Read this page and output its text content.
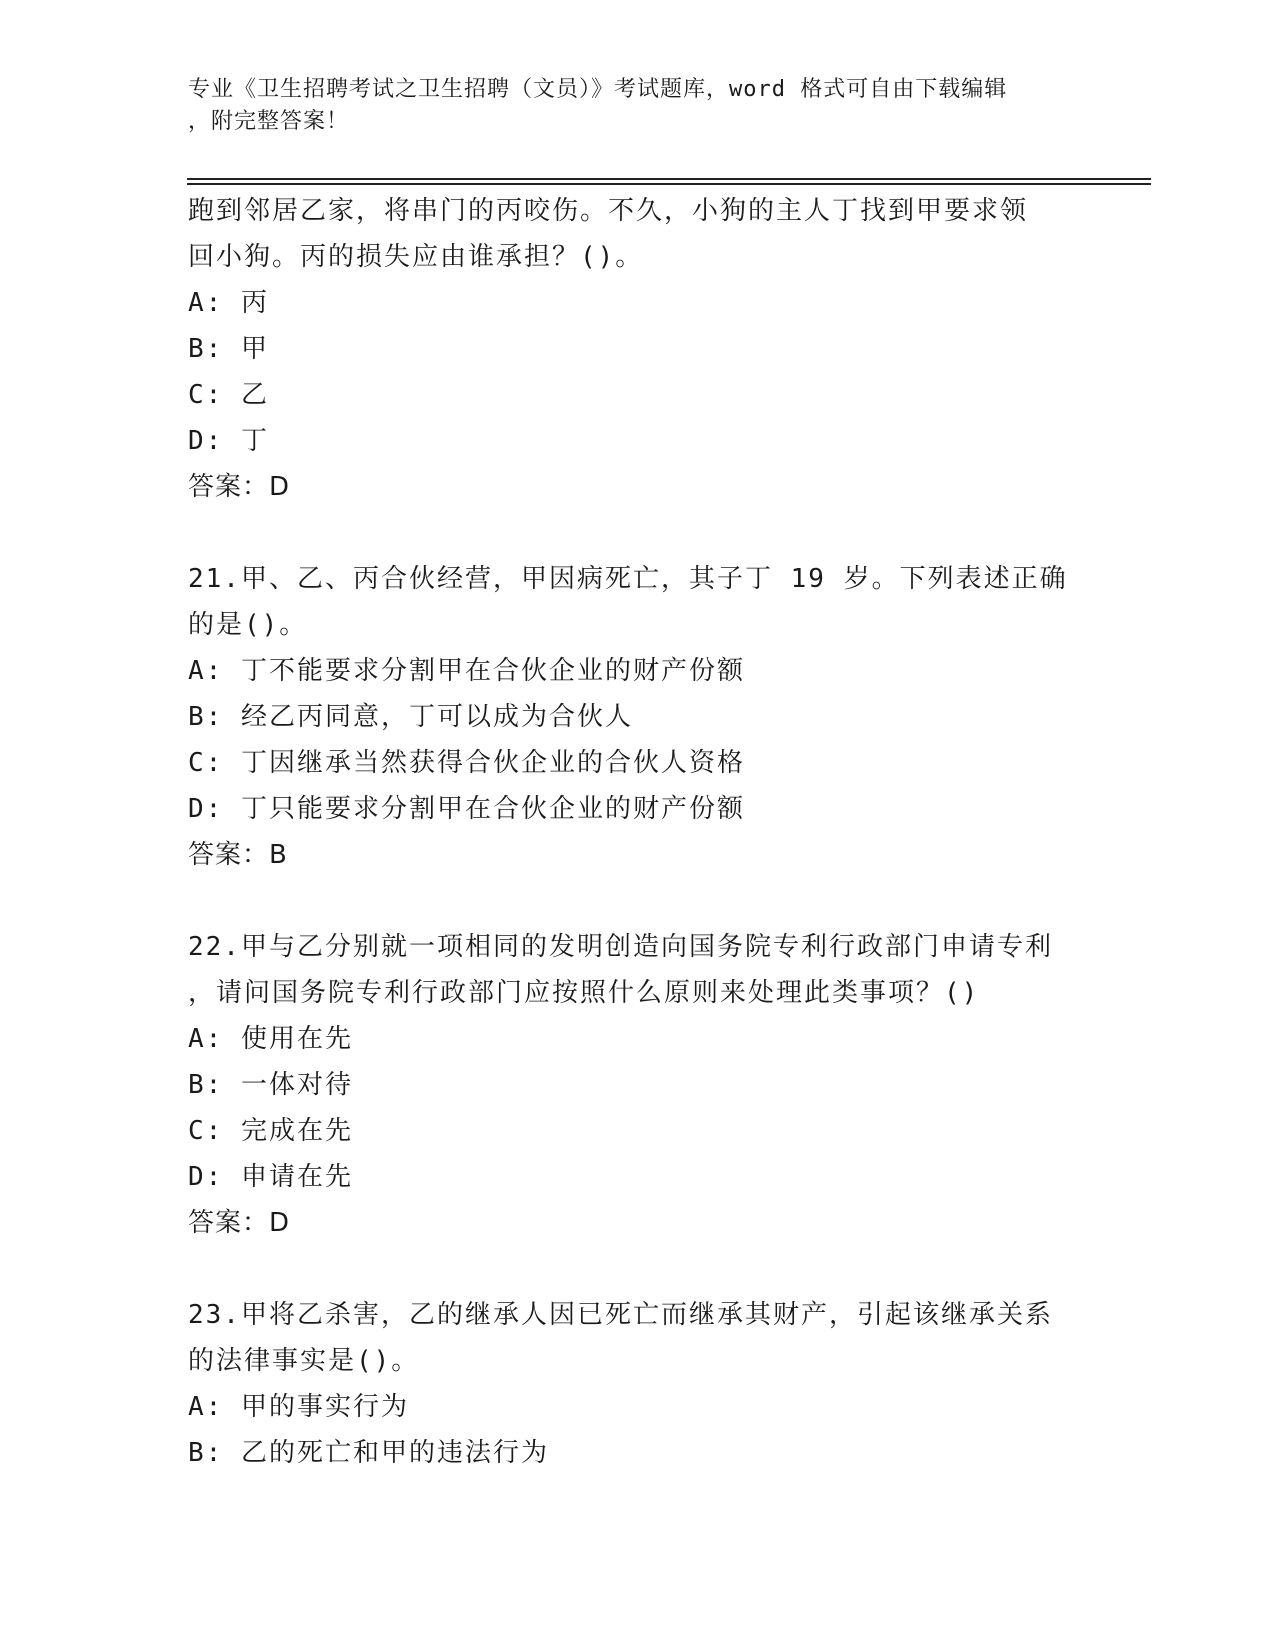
专业《卫生招聘考试之卫生招聘（文员）》考试题库，word 格式可自由下载编辑
，附完整答案！
跑到邻居乙家，将串门的丙咬伤。不久，小狗的主人丁找到甲要求领
回小狗。丙的损失应由谁承担？()。
A: 丙
B: 甲
C: 乙
D: 丁
答案：D
21.甲、乙、丙合伙经营，甲因病死亡，其子丁 19 岁。下列表述正确
的是()。
A: 丁不能要求分割甲在合伙企业的财产份额
B: 经乙丙同意，丁可以成为合伙人
C: 丁因继承当然获得合伙企业的合伙人资格
D: 丁只能要求分割甲在合伙企业的财产份额
答案：B
22.甲与乙分别就一项相同的发明创造向国务院专利行政部门申请专利
，请问国务院专利行政部门应按照什么原则来处理此类事项？()
A: 使用在先
B: 一体对待
C: 完成在先
D: 申请在先
答案：D
23.甲将乙杀害，乙的继承人因已死亡而继承其财产，引起该继承关系
的法律事实是()。
A: 甲的事实行为
B: 乙的死亡和甲的违法行为
